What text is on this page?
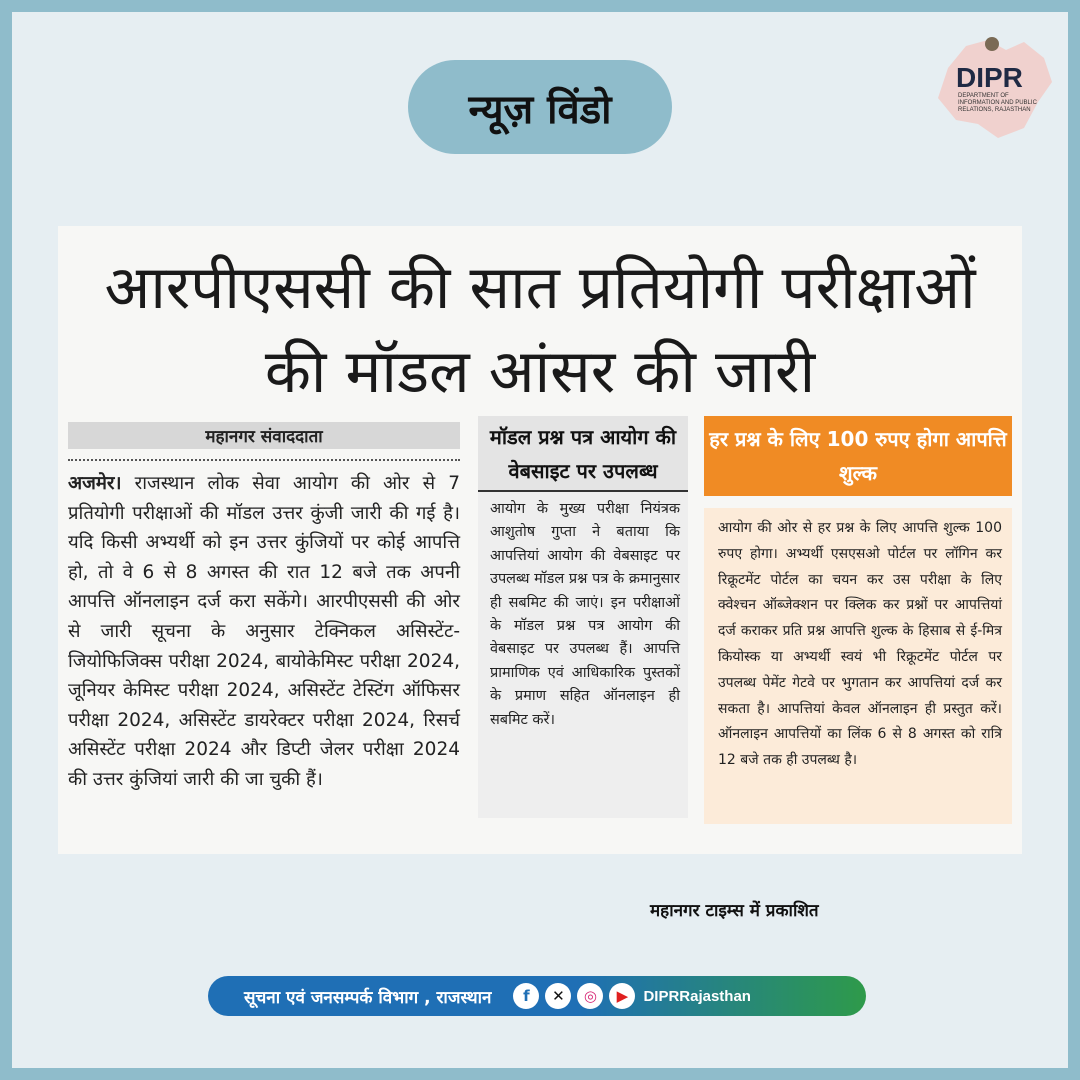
न्यूज़ विंडो
DIPR
DEPARTMENT OF INFORMATION AND PUBLIC RELATIONS, RAJASTHAN
आरपीएससी की सात प्रतियोगी परीक्षाओं
की मॉडल आंसर की जारी
महानगर संवाददाता
अजमेर। राजस्थान लोक सेवा आयोग की ओर से 7 प्रतियोगी परीक्षाओं की मॉडल उत्तर कुंजी जारी की गई है। यदि किसी अभ्यर्थी को इन उत्तर कुंजियों पर कोई आपत्ति हो, तो वे 6 से 8 अगस्त की रात 12 बजे तक अपनी आपत्ति ऑनलाइन दर्ज करा सकेंगे। आरपीएससी की ओर से जारी सूचना के अनुसार टेक्निकल असिस्टेंट-जियोफिजिक्स परीक्षा 2024, बायोकेमिस्ट परीक्षा 2024, जूनियर केमिस्ट परीक्षा 2024, असिस्टेंट टेस्टिंग ऑफिसर परीक्षा 2024, असिस्टेंट डायरेक्टर परीक्षा 2024, रिसर्च असिस्टेंट परीक्षा 2024 और डिप्टी जेलर परीक्षा 2024 की उत्तर कुंजियां जारी की जा चुकी हैं।
मॉडल प्रश्न पत्र आयोग की वेबसाइट पर उपलब्ध
आयोग के मुख्य परीक्षा नियंत्रक आशुतोष गुप्ता ने बताया कि आपत्तियां आयोग की वेबसाइट पर उपलब्ध मॉडल प्रश्न पत्र के क्रमानुसार ही सबमिट की जाएं। इन परीक्षाओं के मॉडल प्रश्न पत्र आयोग की वेबसाइट पर उपलब्ध हैं। आपत्ति प्रामाणिक एवं आधिकारिक पुस्तकों के प्रमाण सहित ऑनलाइन ही सबमिट करें।
हर प्रश्न के लिए 100 रुपए होगा आपत्ति शुल्क
आयोग की ओर से हर प्रश्न के लिए आपत्ति शुल्क 100 रुपए होगा। अभ्यर्थी एसएसओ पोर्टल पर लॉगिन कर रिक्रूटमेंट पोर्टल का चयन कर उस परीक्षा के लिए क्वेश्चन ऑब्जेक्शन पर क्लिक कर प्रश्नों पर आपत्तियां दर्ज कराकर प्रति प्रश्न आपत्ति शुल्क के हिसाब से ई-मित्र कियोस्क या अभ्यर्थी स्वयं भी रिक्रूटमेंट पोर्टल पर उपलब्ध पेमेंट गेटवे पर भुगतान कर आपत्तियां दर्ज कर सकता है। आपत्तियां केवल ऑनलाइन ही प्रस्तुत करें। ऑनलाइन आपत्तियों का लिंक 6 से 8 अगस्त को रात्रि 12 बजे तक ही उपलब्ध है।
महानगर टाइम्स में प्रकाशित
सूचना एवं जनसम्पर्क विभाग , राजस्थान	f	✕	◎	▶	DIPRRajasthan
